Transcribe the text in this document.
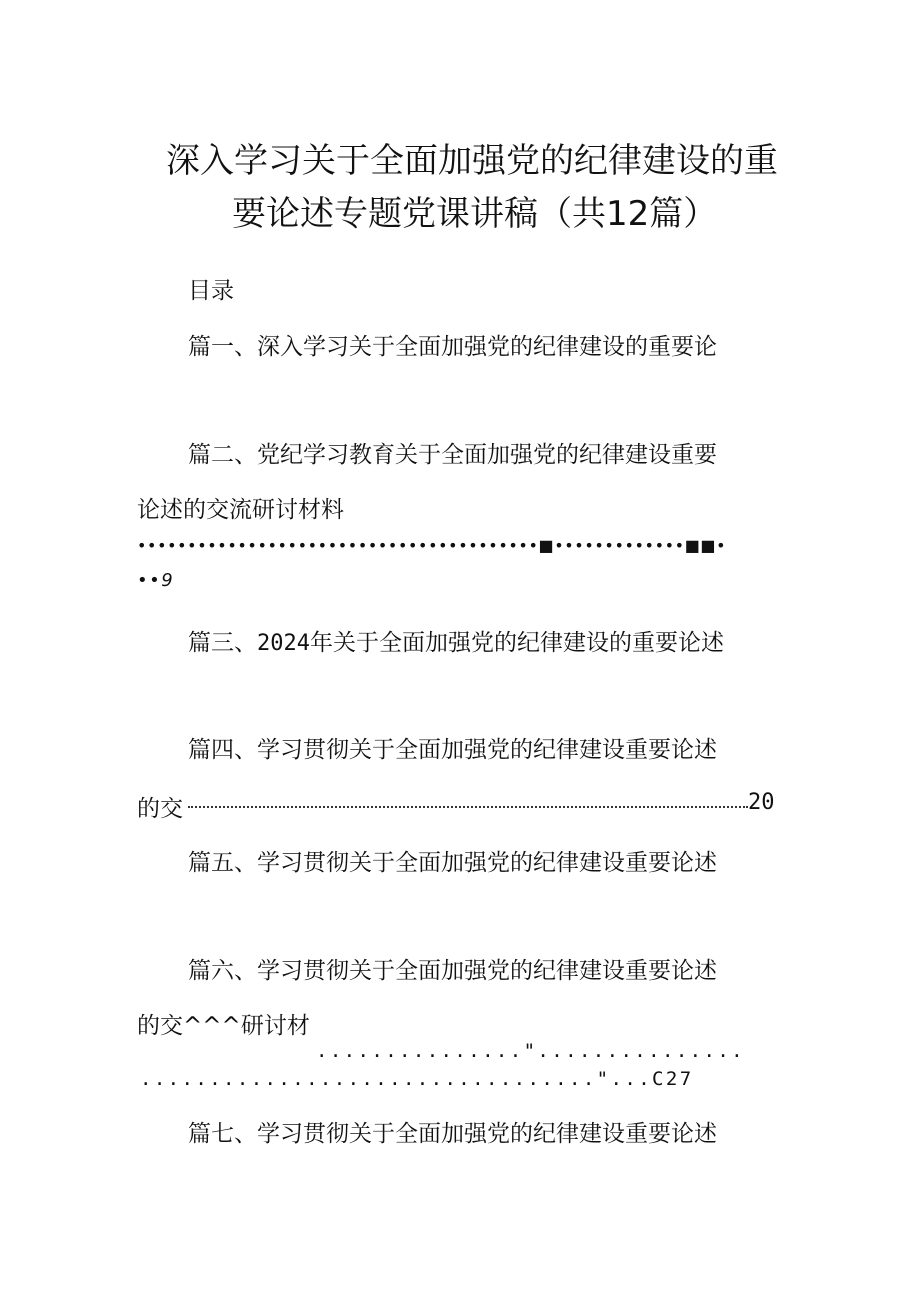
深入学习关于全面加强党的纪律建设的重
要论述专题党课讲稿（共12篇）
目录
篇一、深入学习关于全面加强党的纪律建设的重要论
篇二、党纪学习教育关于全面加强党的纪律建设重要
论述的交流研讨材料
••••••••••••••••••••••••••••••••••••••••■•••••••••••••■■•
••9
篇三、2024年关于全面加强党的纪律建设的重要论述
篇四、学习贯彻关于全面加强党的纪律建设重要论述
的交	20
篇五、学习贯彻关于全面加强党的纪律建设重要论述
篇六、学习贯彻关于全面加强党的纪律建设重要论述
的交^^^研讨材
..............."...............
................................."...C27
篇七、学习贯彻关于全面加强党的纪律建设重要论述
